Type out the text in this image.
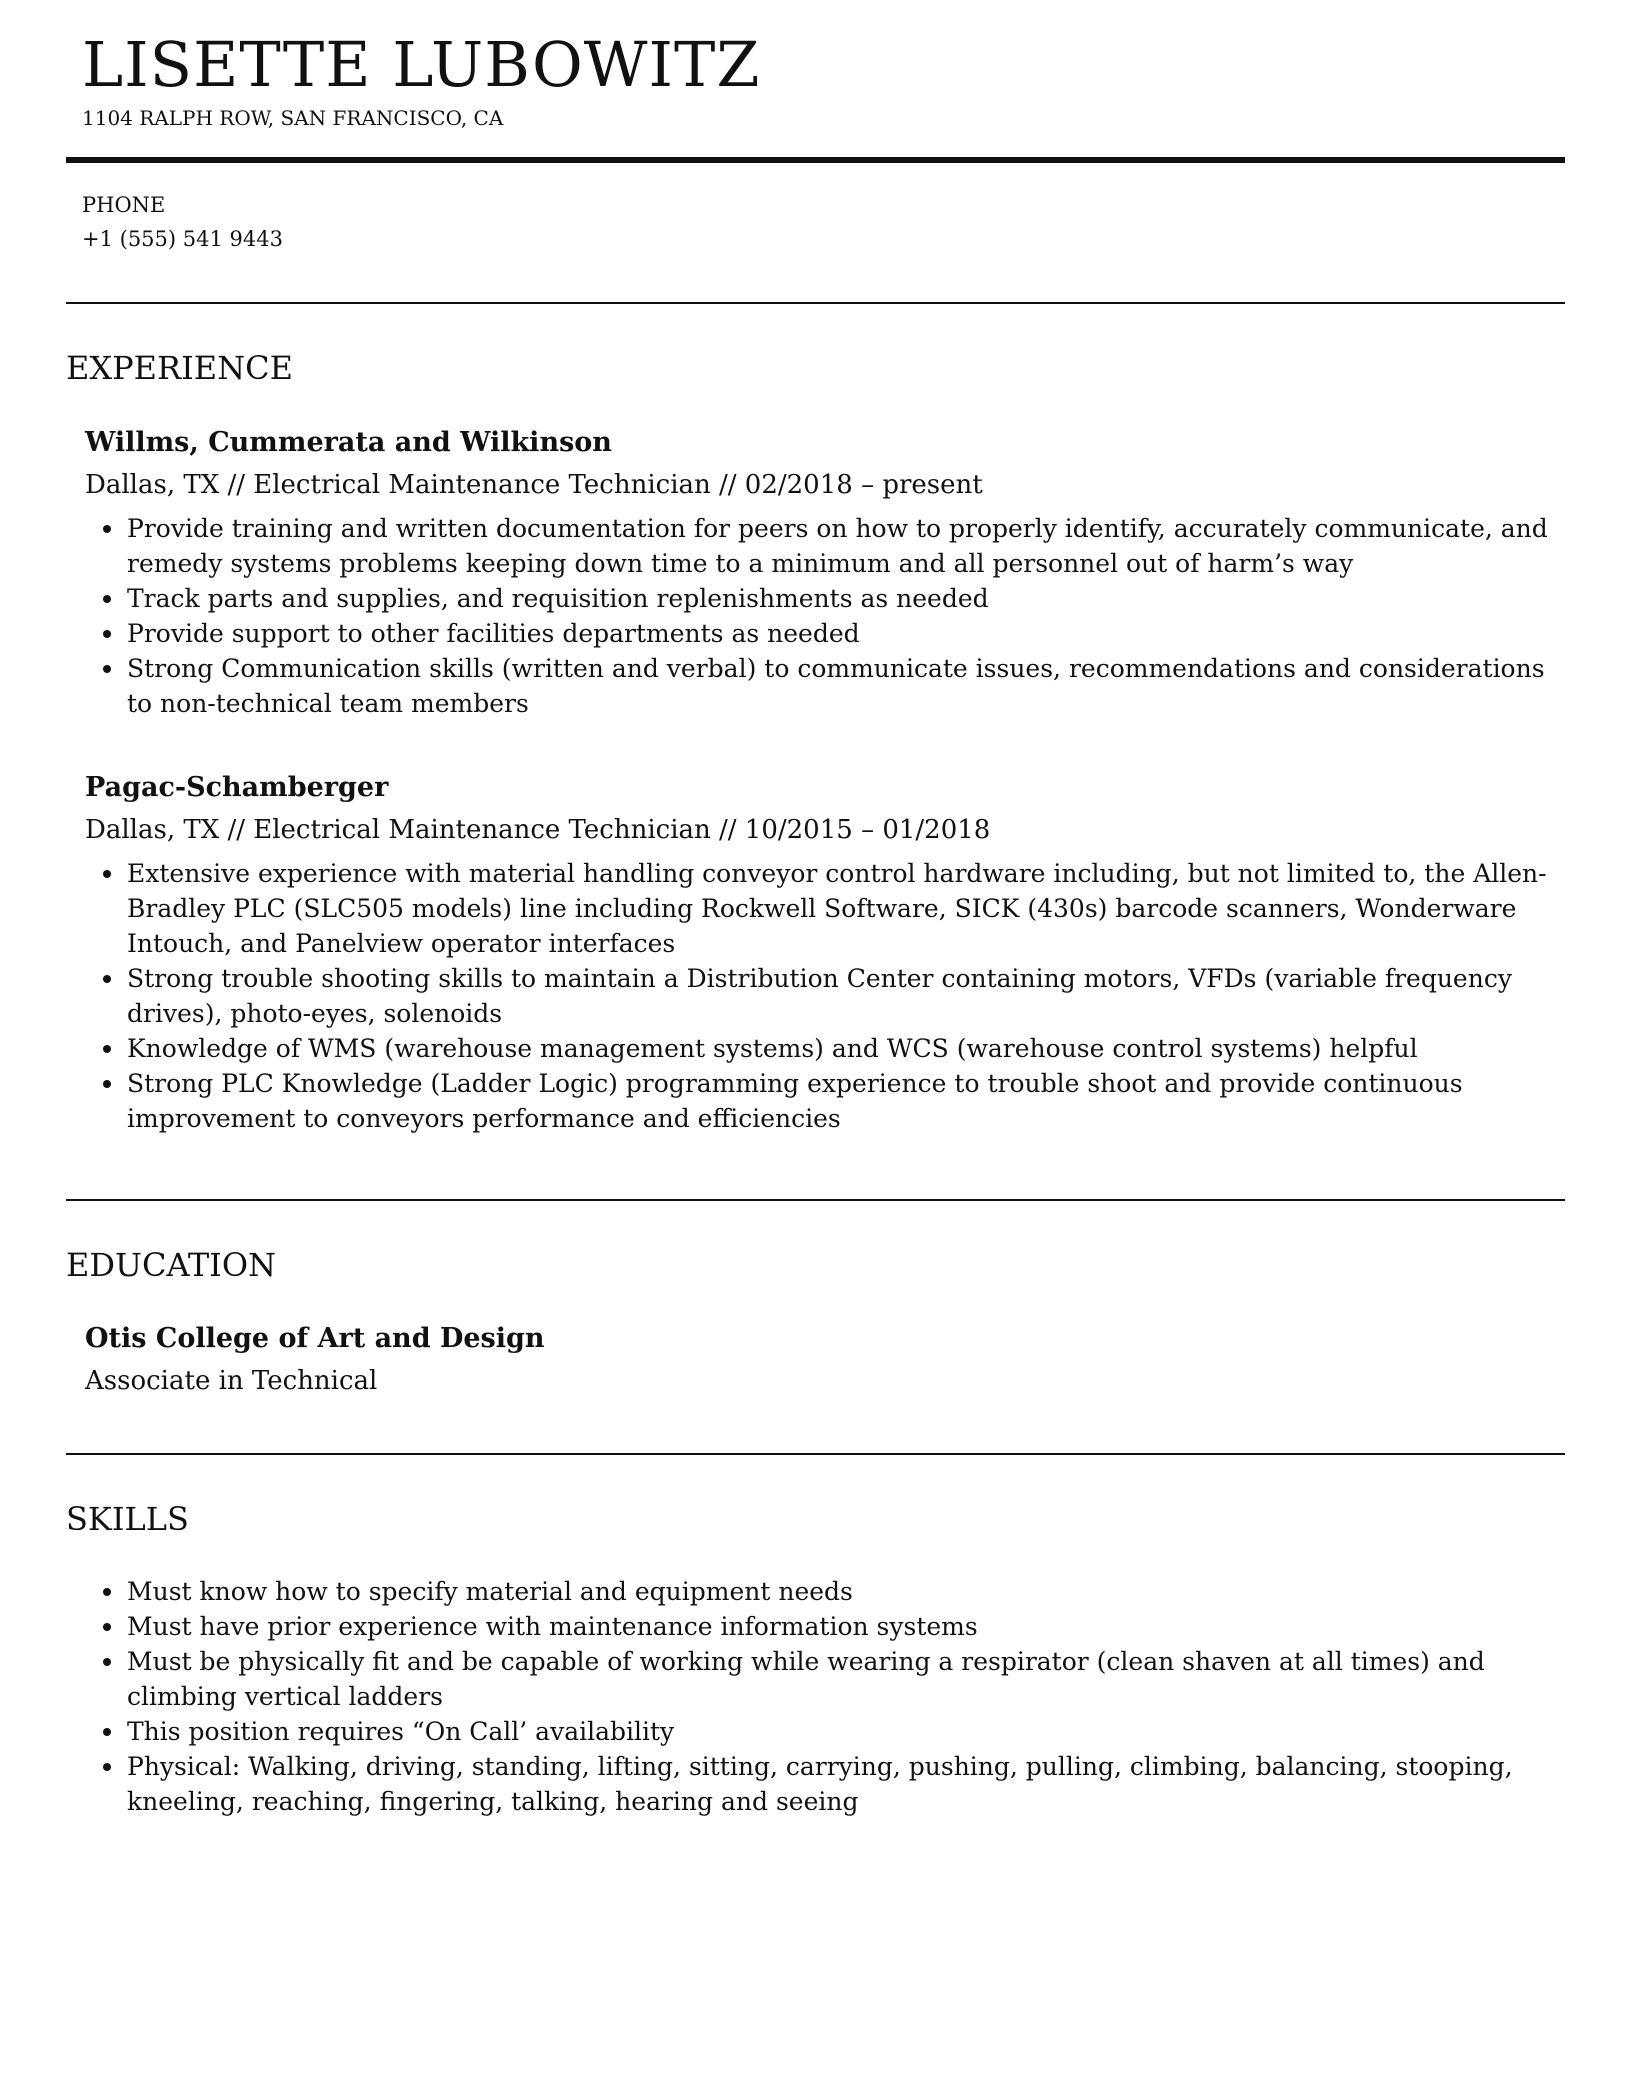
LISETTE LUBOWITZ
1104 RALPH ROW, SAN FRANCISCO, CA
PHONE
+1 (555) 541 9443
EXPERIENCE
Willms, Cummerata and Wilkinson
Dallas, TX // Electrical Maintenance Technician // 02/2018 – present
Provide training and written documentation for peers on how to properly identify, accurately communicate, and remedy systems problems keeping down time to a minimum and all personnel out of harm’s way
Track parts and supplies, and requisition replenishments as needed
Provide support to other facilities departments as needed
Strong Communication skills (written and verbal) to communicate issues, recommendations and considerations to non-technical team members
Pagac-Schamberger
Dallas, TX // Electrical Maintenance Technician // 10/2015 – 01/2018
Extensive experience with material handling conveyor control hardware including, but not limited to, the Allen-Bradley PLC (SLC505 models) line including Rockwell Software, SICK (430s) barcode scanners, Wonderware Intouch, and Panelview operator interfaces
Strong trouble shooting skills to maintain a Distribution Center containing motors, VFDs (variable frequency drives), photo-eyes, solenoids
Knowledge of WMS (warehouse management systems) and WCS (warehouse control systems) helpful
Strong PLC Knowledge (Ladder Logic) programming experience to trouble shoot and provide continuous improvement to conveyors performance and efficiencies
EDUCATION
Otis College of Art and Design
Associate in Technical
SKILLS
Must know how to specify material and equipment needs
Must have prior experience with maintenance information systems
Must be physically fit and be capable of working while wearing a respirator (clean shaven at all times) and climbing vertical ladders
This position requires “On Call’ availability
Physical: Walking, driving, standing, lifting, sitting, carrying, pushing, pulling, climbing, balancing, stooping, kneeling, reaching, fingering, talking, hearing and seeing
